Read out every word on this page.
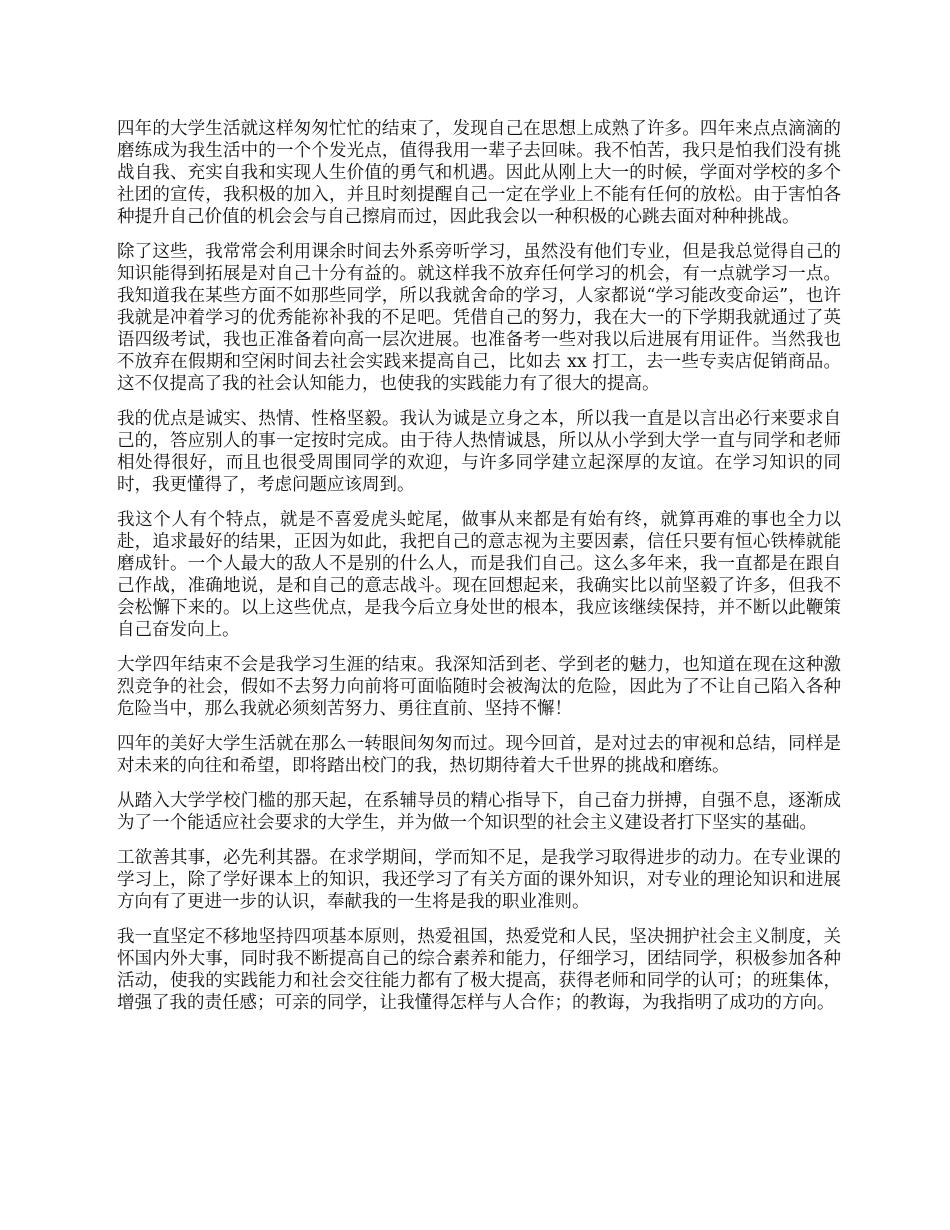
四年的大学生活就这样匆匆忙忙的结束了，发现自己在思想上成熟了许多。四年来点点滴滴的磨练成为我生活中的一个个发光点，值得我用一辈子去回味。我不怕苦，我只是怕我们没有挑战自我、充实自我和实现人生价值的勇气和机遇。因此从刚上大一的时候，学面对学校的多个社团的宣传，我积极的加入，并且时刻提醒自己一定在学业上不能有任何的放松。由于害怕各种提升自己价值的机会会与自己擦肩而过，因此我会以一种积极的心跳去面对种种挑战。

除了这些，我常常会利用课余时间去外系旁听学习，虽然没有他们专业，但是我总觉得自己的知识能得到拓展是对自己十分有益的。就这样我不放弃任何学习的机会，有一点就学习一点。我知道我在某些方面不如那些同学，所以我就舍命的学习，人家都说“学习能改变命运”，也许我就是冲着学习的优秀能祢补我的不足吧。凭借自己的努力，我在大一的下学期我就通过了英语四级考试，我也正准备着向高一层次进展。也准备考一些对我以后进展有用证件。当然我也不放弃在假期和空闲时间去社会实践来提高自己，比如去 xx 打工，去一些专卖店促销商品。这不仅提高了我的社会认知能力，也使我的实践能力有了很大的提高。

我的优点是诚实、热情、性格坚毅。我认为诚是立身之本，所以我一直是以言出必行来要求自己的，答应别人的事一定按时完成。由于待人热情诚恳，所以从小学到大学一直与同学和老师相处得很好，而且也很受周围同学的欢迎，与许多同学建立起深厚的友谊。在学习知识的同时，我更懂得了，考虑问题应该周到。

我这个人有个特点，就是不喜爱虎头蛇尾，做事从来都是有始有终，就算再难的事也全力以赴，追求最好的结果，正因为如此，我把自己的意志视为主要因素，信任只要有恒心铁棒就能磨成针。一个人最大的敌人不是别的什么人，而是我们自己。这么多年来，我一直都是在跟自己作战，准确地说，是和自己的意志战斗。现在回想起来，我确实比以前坚毅了许多，但我不会松懈下来的。以上这些优点，是我今后立身处世的根本，我应该继续保持，并不断以此鞭策自己奋发向上。

大学四年结束不会是我学习生涯的结束。我深知活到老、学到老的魅力，也知道在现在这种激烈竞争的社会，假如不去努力向前将可面临随时会被淘汰的危险，因此为了不让自己陷入各种危险当中，那么我就必须刻苦努力、勇往直前、坚持不懈！

四年的美好大学生活就在那么一转眼间匆匆而过。现今回首，是对过去的审视和总结，同样是对未来的向往和希望，即将踏出校门的我，热切期待着大千世界的挑战和磨练。

从踏入大学学校门槛的那天起，在系辅导员的精心指导下，自己奋力拼搏，自强不息，逐渐成为了一个能适应社会要求的大学生，并为做一个知识型的社会主义建设者打下坚实的基础。

工欲善其事，必先利其器。在求学期间，学而知不足，是我学习取得进步的动力。在专业课的学习上，除了学好课本上的知识，我还学习了有关方面的课外知识，对专业的理论知识和进展方向有了更进一步的认识，奉献我的一生将是我的职业准则。

我一直坚定不移地坚持四项基本原则，热爱祖国，热爱党和人民，坚决拥护社会主义制度，关怀国内外大事，同时我不断提高自己的综合素养和能力，仔细学习，团结同学，积极参加各种活动，使我的实践能力和社会交往能力都有了极大提高，获得老师和同学的认可；的班集体，增强了我的责任感；可亲的同学，让我懂得怎样与人合作；的教诲，为我指明了成功的方向。
